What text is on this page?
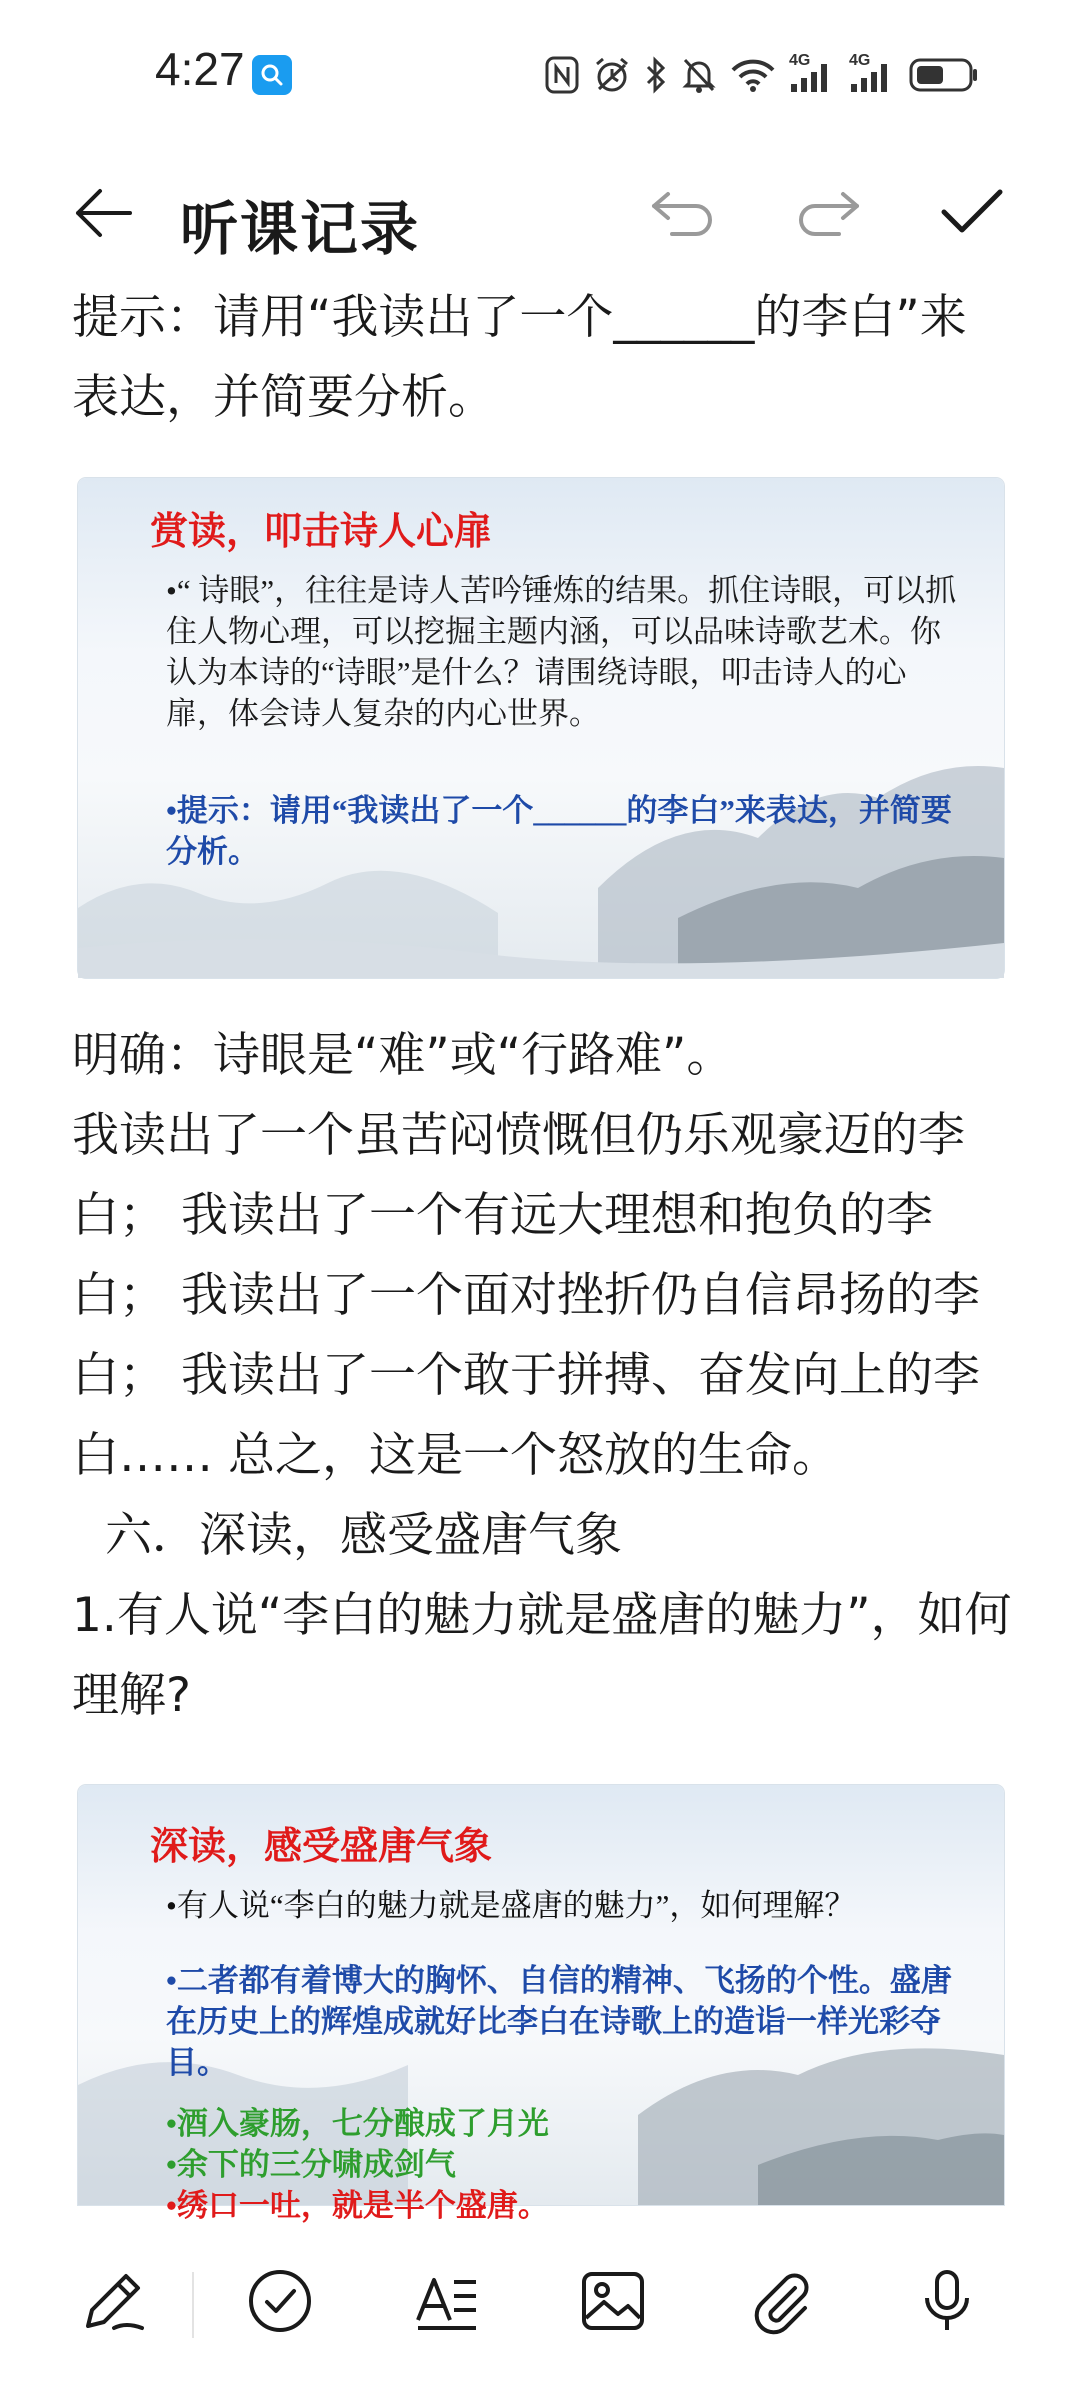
4:27	4G 4G
听课记录

提示：请用“我读出了一个______的李白”来表达，并简要分析。

赏读，叩击诗人心扉

•“ 诗眼”，往往是诗人苦吟锤炼的结果。抓住诗眼，可以抓住人物心理，可以挖掘主题内涵，可以品味诗歌艺术。你认为本诗的“诗眼”是什么？请围绕诗眼，叩击诗人的心扉，体会诗人复杂的内心世界。

•提示：请用“我读出了一个______的李白”来表达，并简要分析。

明确：诗眼是“难”或“行路难”。
我读出了一个虽苦闷愤慨但仍乐观豪迈的李白； 我读出了一个有远大理想和抱负的李白； 我读出了一个面对挫折仍自信昂扬的李白； 我读出了一个敢于拼搏、奋发向上的李白…… 总之，这是一个怒放的生命。
六．深读，感受盛唐气象

1.有人说“李白的魅力就是盛唐的魅力”，如何理解?

深读，感受盛唐气象

•有人说“李白的魅力就是盛唐的魅力”，如何理解？

•二者都有着博大的胸怀、自信的精神、飞扬的个性。盛唐在历史上的辉煌成就好比李白在诗歌上的造诣一样光彩夺目。

•酒入豪肠，七分酿成了月光

•余下的三分啸成剑气

•绣口一吐，就是半个盛唐。
